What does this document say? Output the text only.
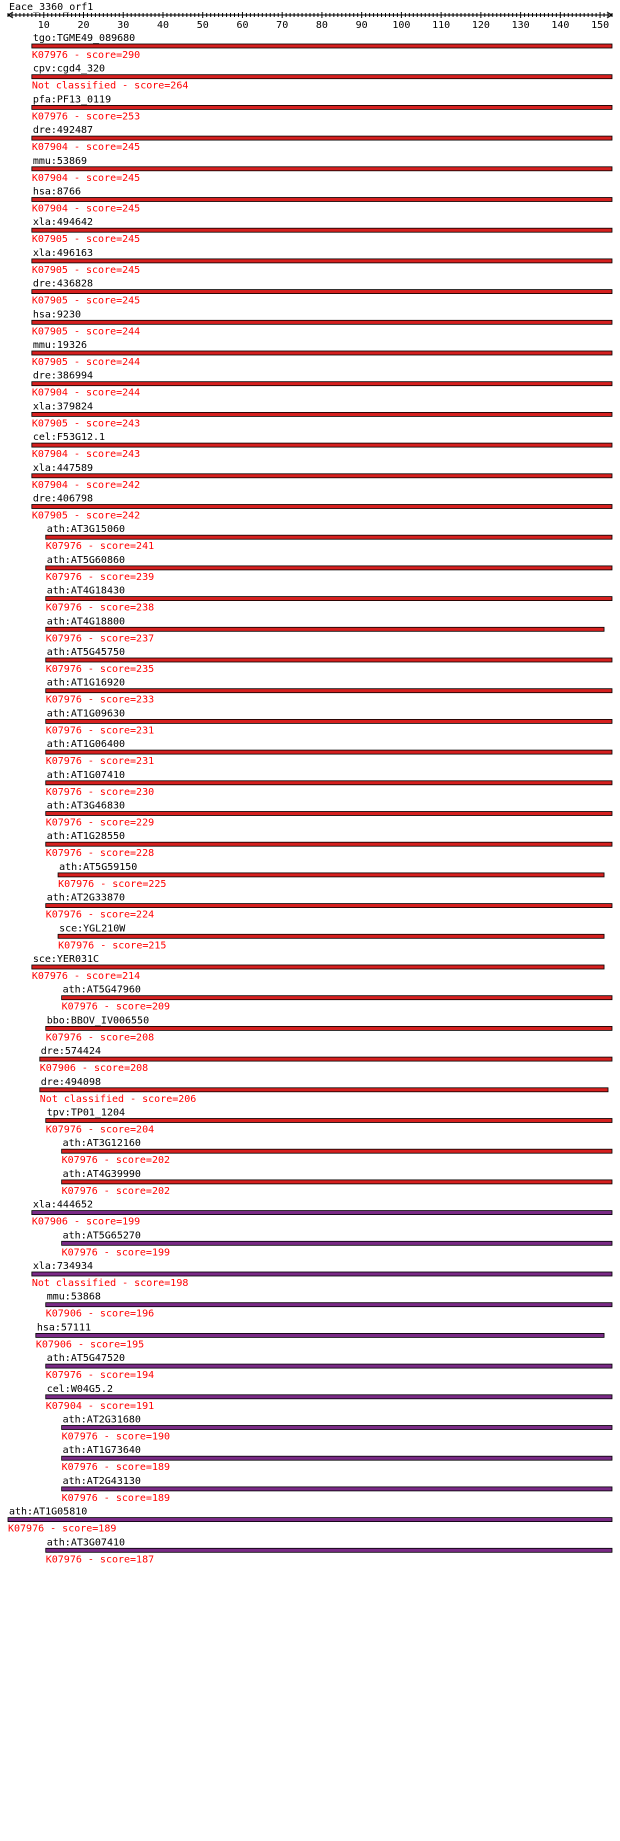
Eace_3360_orf1
10	20	30	40	50	60	70	80	90 100 110 120 130 140 150
tgo:TGME49_089680
K07976 - score=290
cpv:cgd4_320
Not classified - score=264
pfa:PF13_0119
K07976 - score=253
dre:492487
K07904 - score=245
mmu:53869
K07904 - score=245
hsa:8766
K07904 - score=245
xla:494642
K07905 - score=245
xla:496163
K07905 - score=245
dre:436828
K07905 - score=245
hsa:9230
K07905 - score=244
mmu:19326
K07905 - score=244
dre:386994
K07904 - score=244
xla:379824
K07905 - score=243
cel:F53G12.1
K07904 - score=243
xla:447589
K07904 - score=242
dre:406798
K07905 - score=242
ath:AT3G15060
K07976 - score=241
ath:AT5G60860
K07976 - score=239
ath:AT4G18430
K07976 - score=238
ath:AT4G18800
K07976 - score=237
ath:AT5G45750
K07976 - score=235
ath:AT1G16920
K07976 - score=233
ath:AT1G09630
K07976 - score=231
ath:AT1G06400
K07976 - score=231
ath:AT1G07410
K07976 - score=230
ath:AT3G46830
K07976 - score=229
ath:AT1G28550
K07976 - score=228
ath:AT5G59150
K07976 - score=225
ath:AT2G33870
K07976 - score=224
sce:YGL210W
K07976 - score=215
sce:YER031C
K07976 - score=214
ath:AT5G47960
K07976 - score=209
bbo:BBOV_IV006550
K07976 - score=208
dre:574424
K07906 - score=208
dre:494098
Not classified - score=206
tpv:TP01_1204
K07976 - score=204
ath:AT3G12160
K07976 - score=202
ath:AT4G39990
K07976 - score=202
xla:444652
K07906 - score=199
ath:AT5G65270
K07976 - score=199
xla:734934
Not classified - score=198
mmu:53868
K07906 - score=196
hsa:57111
K07906 - score=195
ath:AT5G47520
K07976 - score=194
cel:W04G5.2
K07904 - score=191
ath:AT2G31680
K07976 - score=190
ath:AT1G73640
K07976 - score=189
ath:AT2G43130
K07976 - score=189
ath:AT1G05810
K07976 - score=189
ath:AT3G07410
K07976 - score=187
